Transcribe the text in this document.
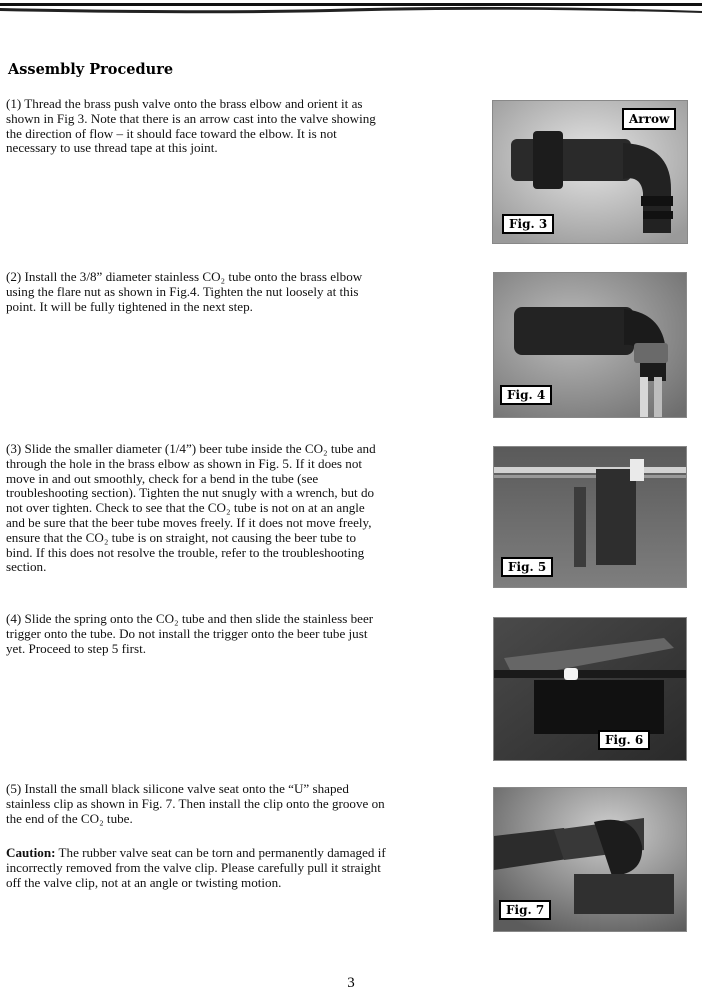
Assembly Procedure

(1) Thread the brass push valve onto the brass elbow and orient it as
shown in Fig 3. Note that there is an arrow cast into the valve showing
the direction of flow – it should face toward the elbow. It is not
necessary to use thread tape at this joint.

Arrow
Fig. 3

(2) Install the 3/8” diameter stainless CO₂ tube onto the brass elbow
using the flare nut as shown in Fig.4. Tighten the nut loosely at this
point. It will be fully tightened in the next step.

Fig. 4

(3) Slide the smaller diameter (1/4”) beer tube inside the CO₂ tube and
through the hole in the brass elbow as shown in Fig. 5. If it does not
move in and out smoothly, check for a bend in the tube (see
troubleshooting section). Tighten the nut snugly with a wrench, but do
not over tighten. Check to see that the CO₂ tube is not on at an angle
and be sure that the beer tube moves freely. If it does not move freely,
ensure that the CO₂ tube is on straight, not causing the beer tube to
bind. If this does not resolve the trouble, refer to the troubleshooting
section.	Fig. 5

(4) Slide the spring onto the CO₂ tube and then slide the stainless beer
trigger onto the tube. Do not install the trigger onto the beer tube just
yet. Proceed to step 5 first.

Fig. 6

(5) Install the small black silicone valve seat onto the “U” shaped
stainless clip as shown in Fig. 7. Then install the clip onto the groove on
the end of the CO₂ tube.

Caution: The rubber valve seat can be torn and permanently damaged if
incorrectly removed from the valve clip. Please carefully pull it straight
off the valve clip, not at an angle or twisting motion.

Fig. 7
3
